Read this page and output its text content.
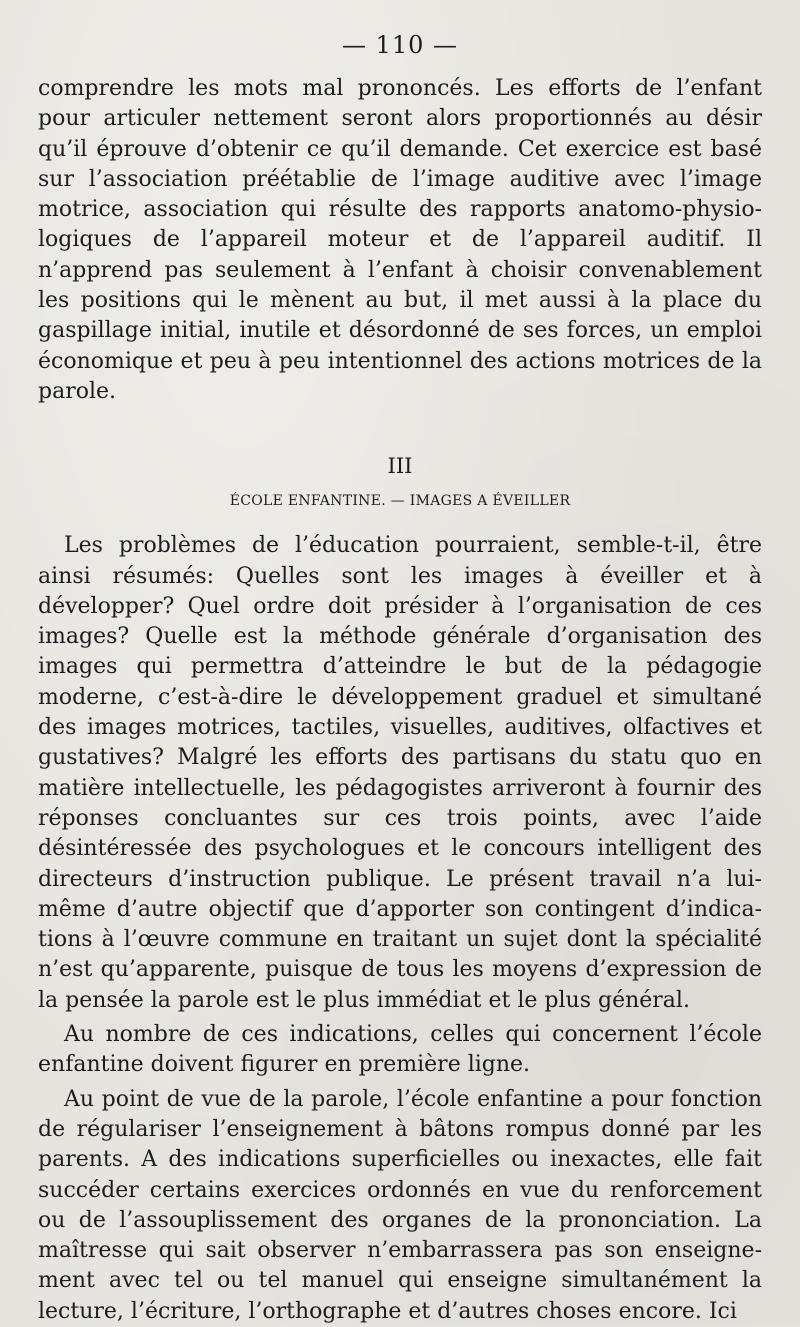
— 110 —

comprendre les mots mal prononcés. Les efforts de l’enfant pour articuler nettement seront alors proportionnés au désir qu’il éprouve d’obtenir ce qu’il demande. Cet exercice est basé sur l’association préétablie de l’image auditive avec l’image motrice, association qui résulte des rapports anatomo-physiologiques de l’appareil moteur et de l’appareil auditif. Il n’apprend pas seulement à l’enfant à choisir convenablement les positions qui le mènent au but, il met aussi à la place du gaspillage initial, inutile et désordonné de ses forces, un emploi économique et peu à peu intentionnel des actions motrices de la parole.

III
ÉCOLE ENFANTINE. — IMAGES A ÉVEILLER

Les problèmes de l’éducation pourraient, semble-t-il, être ainsi résumés: Quelles sont les images à éveiller et à développer? Quel ordre doit présider à l’organisation de ces images? Quelle est la méthode générale d’organisation des images qui permettra d’atteindre le but de la pédagogie moderne, c’est-à-dire le développement graduel et simultané des images motrices, tactiles, visuelles, auditives, olfactives et gustatives? Malgré les efforts des partisans du statu quo en matière intellectuelle, les pédagogistes arriveront à fournir des réponses concluantes sur ces trois points, avec l’aide désintéressée des psychologues et le concours intelligent des directeurs d’instruction publique. Le présent travail n’a lui-même d’autre objectif que d’apporter son contingent d’indications à l’œuvre commune en traitant un sujet dont la spécialité n’est qu’apparente, puisque de tous les moyens d’expression de la pensée la parole est le plus immédiat et le plus général.

Au nombre de ces indications, celles qui concernent l’école enfantine doivent figurer en première ligne.

Au point de vue de la parole, l’école enfantine a pour fonction de régulariser l’enseignement à bâtons rompus donné par les parents. A des indications superficielles ou inexactes, elle fait succéder certains exercices ordonnés en vue du renforcement ou de l’assouplissement des organes de la prononciation. La maîtresse qui sait observer n’embarrassera pas son enseignement avec tel ou tel manuel qui enseigne simultanément la lecture, l’écriture, l’orthographe et d’autres choses encore. Ici
